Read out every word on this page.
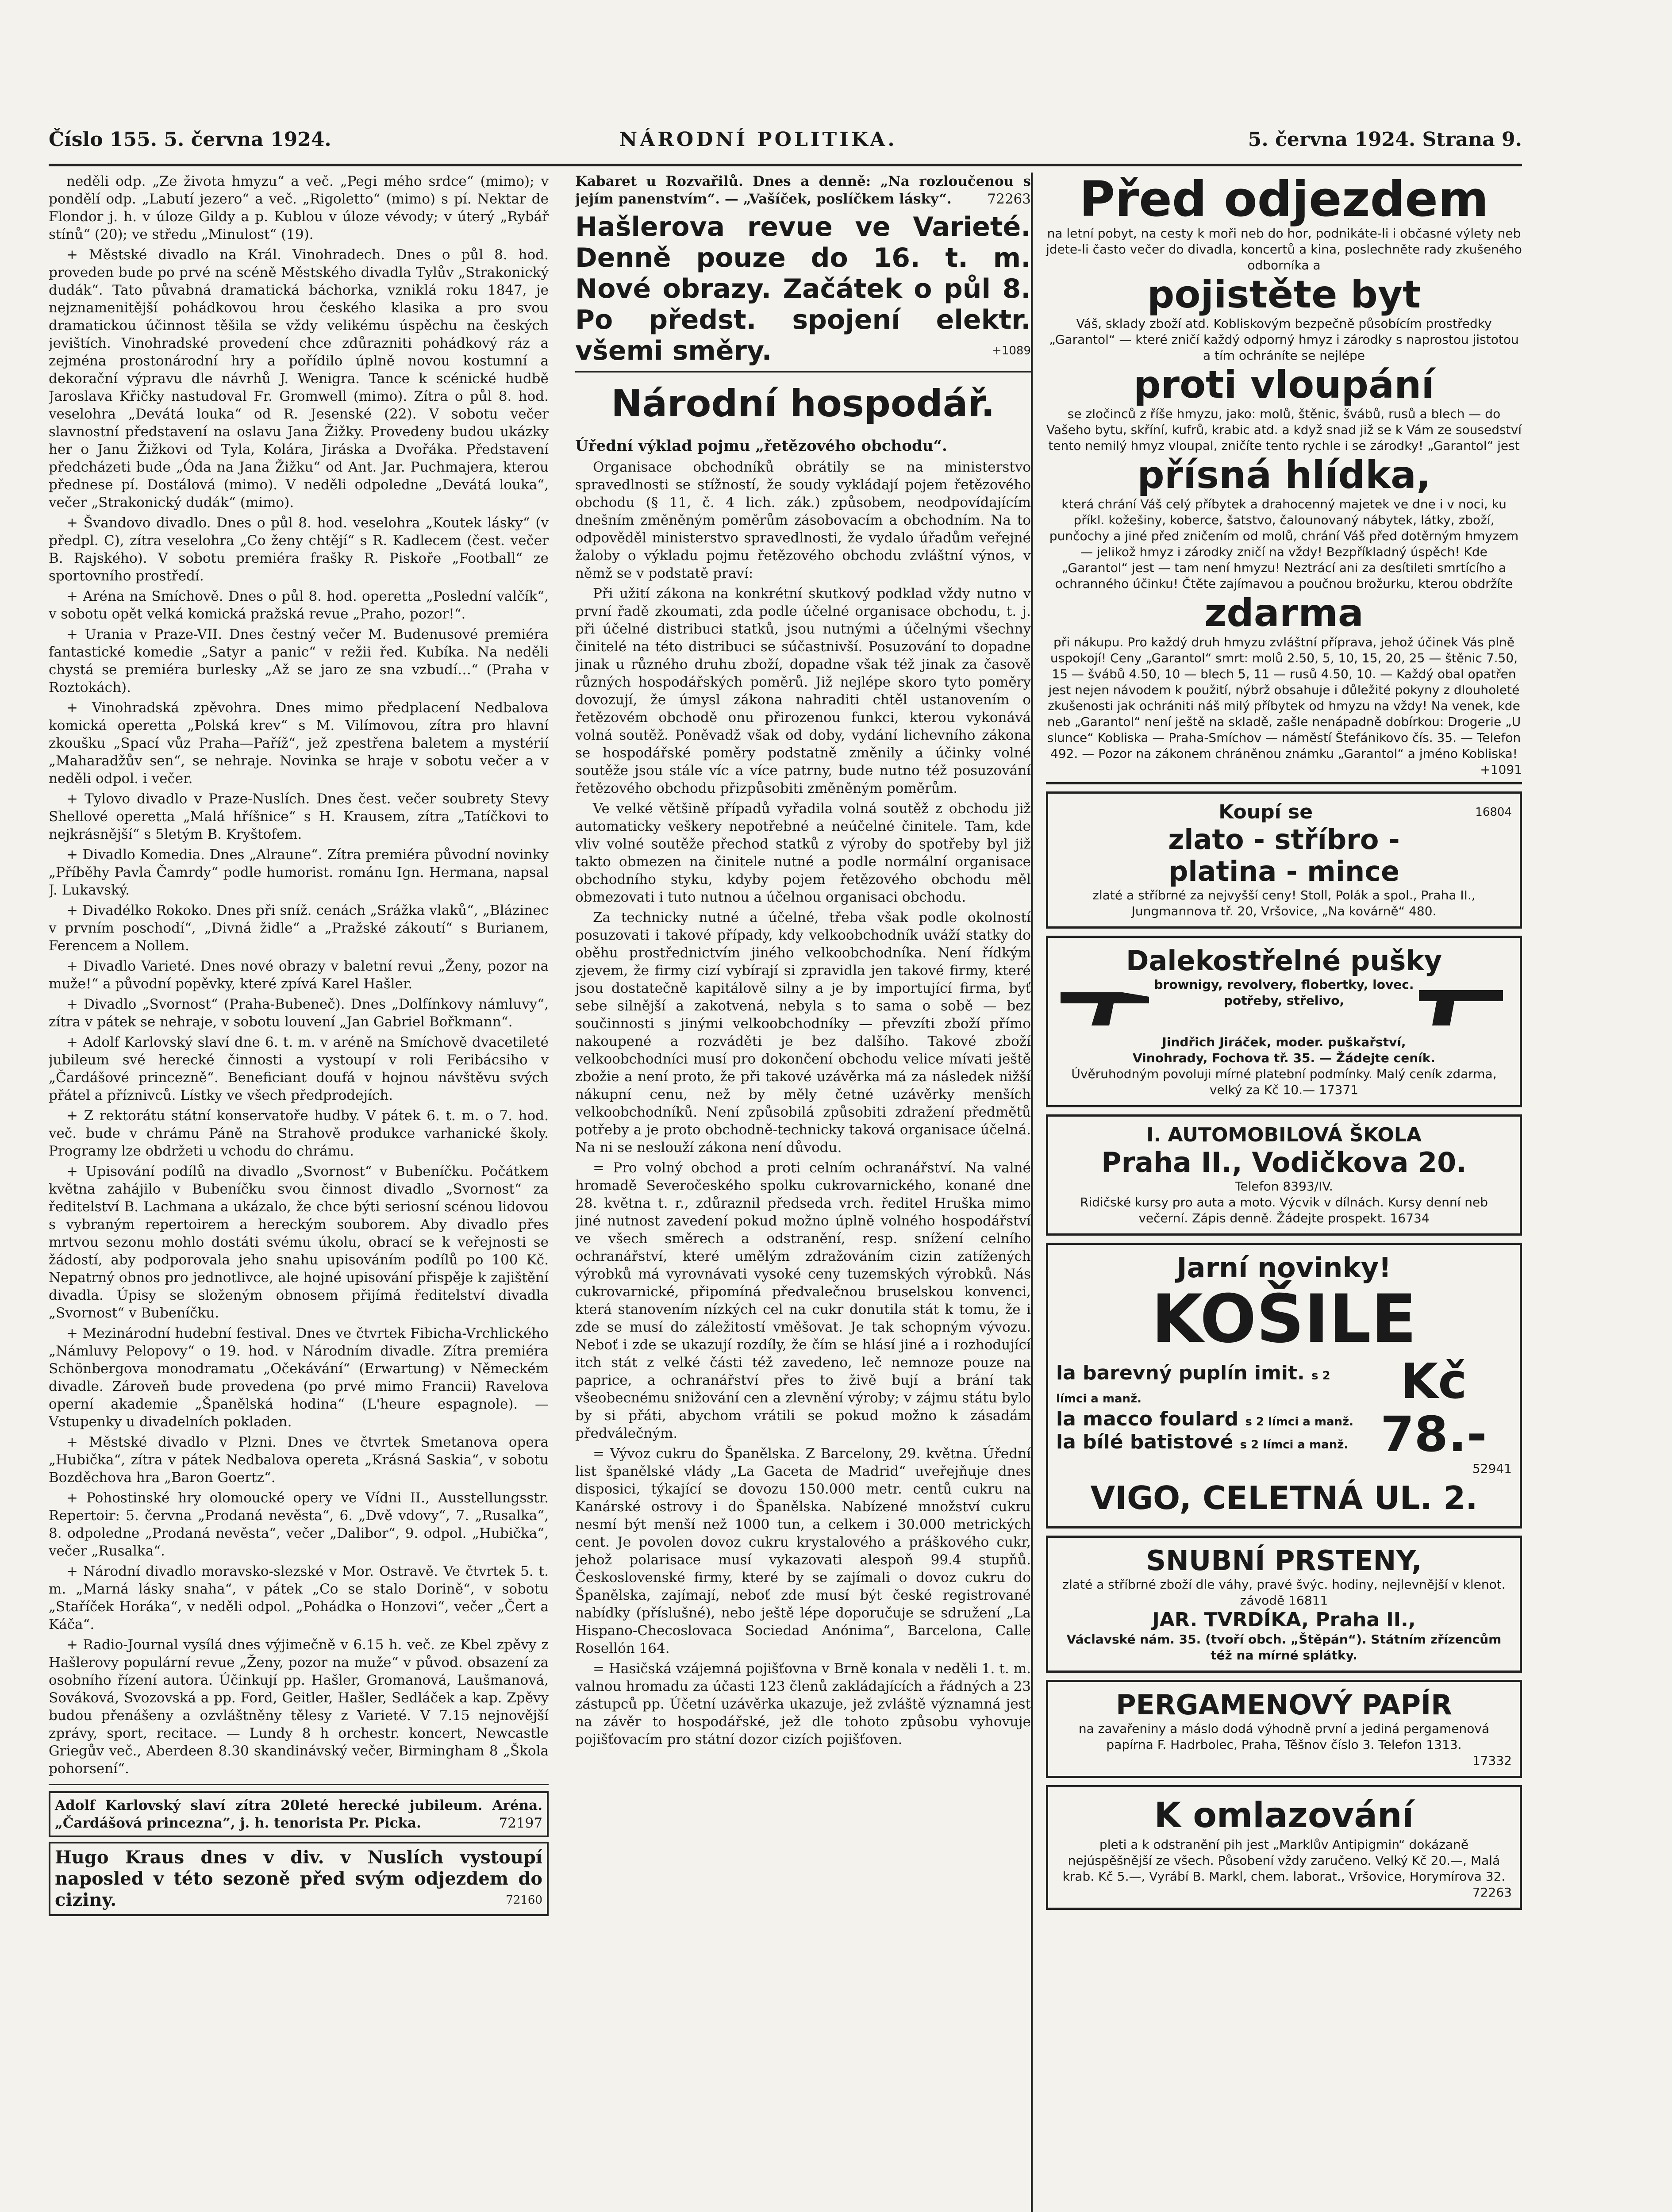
Číslo 155. 5. června 1924.	NÁRODNÍ POLITIKA.	5. června 1924. Strana 9.

neděli odp. „Ze života hmyzu“ a več. „Pegi mého srdce“ (mimo); v pondělí odp. „Labutí jezero“ a več. „Rigoletto“ (mimo) s pí. Nektar de Flondor j. h. v úloze Gildy a p. Kublou v úloze vévody; v úterý „Rybář stínů“ (20); ve středu „Minulost“ (19).

+ Městské divadlo na Král. Vinohradech. Dnes o půl 8. hod. proveden bude po prvé na scéně Městského divadla Tylův „Strakonický dudák“. Tato půvabná dramatická báchorka, vzniklá roku 1847, je nejznamenitější pohádkovou hrou českého klasika a pro svou dramatickou účinnost těšila se vždy velikému úspěchu na českých jevištích. Vinohradské provedení chce zdůrazniti pohádkový ráz a zejména prostonárodní hry a pořídilo úplně novou kostumní a dekorační výpravu dle návrhů J. Wenigra. Tance k scénické hudbě Jaroslava Křičky nastudoval Fr. Gromwell (mimo). Zítra o půl 8. hod. veselohra „Devátá louka“ od R. Jesenské (22). V sobotu večer slavnostní představení na oslavu Jana Žižky. Provedeny budou ukázky her o Janu Žižkovi od Tyla, Kolára, Jiráska a Dvořáka. Představení předcházeti bude „Óda na Jana Žižku“ od Ant. Jar. Puchmajera, kterou přednese pí. Dostálová (mimo). V neděli odpoledne „Devátá louka“, večer „Strakonický dudák“ (mimo).

+ Švandovo divadlo. Dnes o půl 8. hod. veselohra „Koutek lásky“ (v předpl. C), zítra veselohra „Co ženy chtějí“ s R. Kadlecem (čest. večer B. Rajského). V sobotu premiéra frašky R. Piskoře „Football“ ze sportovního prostředí.

+ Aréna na Smíchově. Dnes o půl 8. hod. operetta „Poslední valčík“, v sobotu opět velká komická pražská revue „Praho, pozor!“.

+ Urania v Praze-VII. Dnes čestný večer M. Budenusové premiéra fantastické komedie „Satyr a panic“ v režii řed. Kubíka. Na neděli chystá se premiéra burlesky „Až se jaro ze sna vzbudí…“ (Praha v Roztokách).

+ Vinohradská zpěvohra. Dnes mimo předplacení Nedbalova komická operetta „Polská krev“ s M. Vilímovou, zítra pro hlavní zkoušku „Spací vůz Praha—Paříž“, jež zpestřena baletem a mystérií „Maharadžův sen“, se nehraje. Novinka se hraje v sobotu večer a v neděli odpol. i večer.

+ Tylovo divadlo v Praze-Nuslích. Dnes čest. večer soubrety Stevy Shellové operetta „Malá hříšnice“ s H. Krausem, zítra „Tatíčkovi to nejkrásnější“ s 5letým B. Kryštofem.

+ Divadlo Komedia. Dnes „Alraune“. Zítra premiéra původní novinky „Příběhy Pavla Čamrdy“ podle humorist. románu Ign. Hermana, napsal J. Lukavský.

+ Divadélko Rokoko. Dnes při sníž. cenách „Srážka vlaků“, „Blázinec v prvním poschodí“, „Divná židle“ a „Pražské zákoutí“ s Burianem, Ferencem a Nollem.

+ Divadlo Varieté. Dnes nové obrazy v baletní revui „Ženy, pozor na muže!“ a původní popěvky, které zpívá Karel Hašler.

+ Divadlo „Svornost“ (Praha-Bubeneč). Dnes „Dolfínkovy námluvy“, zítra v pátek se nehraje, v sobotu louvení „Jan Gabriel Bořkmann“.

+ Adolf Karlovský slaví dne 6. t. m. v aréně na Smíchově dvacetileté jubileum své herecké činnosti a vystoupí v roli Feribácsiho v „Čardášové princezně“. Beneficiant doufá v hojnou návštěvu svých přátel a příznivců. Lístky ve všech předprodejích.

+ Z rektorátu státní konservatoře hudby. V pátek 6. t. m. o 7. hod. več. bude v chrámu Páně na Strahově produkce varhanické školy. Programy lze obdržeti u vchodu do chrámu.

+ Upisování podílů na divadlo „Svornost“ v Bubeníčku. Počátkem května zahájilo v Bubeníčku svou činnost divadlo „Svornost“ za ředitelství B. Lachmana a ukázalo, že chce býti seriosní scénou lidovou s vybraným repertoirem a hereckým souborem. Aby divadlo přes mrtvou sezonu mohlo dostáti svému úkolu, obrací se k veřejnosti se žádostí, aby podporovala jeho snahu upisováním podílů po 100 Kč. Nepatrný obnos pro jednotlivce, ale hojné upisování přispěje k zajištění divadla. Úpisy se složeným obnosem přijímá ředitelství divadla „Svornost“ v Bubeníčku.

+ Mezinárodní hudební festival. Dnes ve čtvrtek Fibicha-Vrchlického „Námluvy Pelopovy“ o 19. hod. v Národním divadle. Zítra premiéra Schönbergova monodramatu „Očekávání“ (Erwartung) v Německém divadle. Zároveň bude provedena (po prvé mimo Francii) Ravelova operní akademie „Španělská hodina“ (L'heure espagnole). — Vstupenky u divadelních pokladen.

+ Městské divadlo v Plzni. Dnes ve čtvrtek Smetanova opera „Hubička“, zítra v pátek Nedbalova opereta „Krásná Saskia“, v sobotu Bozděchova hra „Baron Goertz“.

+ Pohostinské hry olomoucké opery ve Vídni II., Ausstellungsstr. Repertoir: 5. června „Prodaná nevěsta“, 6. „Dvě vdovy“, 7. „Rusalka“, 8. odpoledne „Prodaná nevěsta“, večer „Dalibor“, 9. odpol. „Hubička“, večer „Rusalka“.

+ Národní divadlo moravsko-slezské v Mor. Ostravě. Ve čtvrtek 5. t. m. „Marná lásky snaha“, v pátek „Co se stalo Dorině“, v sobotu „Staříček Horáka“, v neděli odpol. „Pohádka o Honzovi“, večer „Čert a Káča“.

+ Radio-Journal vysílá dnes výjimečně v 6.15 h. več. ze Kbel zpěvy z Hašlerovy populární revue „Ženy, pozor na muže“ v původ. obsazení za osobního řízení autora. Účinkují pp. Hašler, Gromanová, Laušmanová, Sováková, Svozovská a pp. Ford, Geitler, Hašler, Sedláček a kap. Zpěvy budou přenášeny a ozvláštněny tělesy z Varieté. V 7.15 nejnovější zprávy, sport, recitace. — Lundy 8 h orchestr. koncert, Newcastle Griegův več., Aberdeen 8.30 skandinávský večer, Birmingham 8 „Škola pohorsení“.

Adolf Karlovský slaví zítra 20leté herecké jubileum. Aréna. „Čardášová princezna“, j. h. tenorista Pr. Picka.	72197
Hugo Kraus dnes v div. v Nuslích vystoupí naposled v této sezoně před svým odjezdem do ciziny.	72160
Kabaret u Rozvařilů. Dnes a denně: „Na rozloučenou s jejím panenstvím“. — „Vašíček, poslíčkem lásky“.	72263
Hašlerova revue ve Varieté. Denně pouze do 16. t. m. Nové obrazy. Začátek o půl 8. Po předst. spojení elektr. všemi směry.	+1089
Národní hospodář.
Úřední výklad pojmu „řetězového obchodu“.

Organisace obchodníků obrátily se na ministerstvo spravedlnosti se stížností, že soudy vykládají pojem řetězového obchodu (§ 11, č. 4 lich. zák.) způsobem, neodpovídajícím dnešním změněným poměrům zásobovacím a obchodním. Na to odpověděl ministerstvo spravedlnosti, že vydalo úřadům veřejné žaloby o výkladu pojmu řetězového obchodu zvláštní výnos, v němž se v podstatě praví:

Při užití zákona na konkrétní skutkový podklad vždy nutno v první řadě zkoumati, zda podle účelné organisace obchodu, t. j. při účelné distribuci statků, jsou nutnými a účelnými všechny činitelé na této distribuci se súčastnivší. Posuzování to dopadne jinak u různého druhu zboží, dopadne však též jinak za časově různých hospodářských poměrů. Již nejlépe skoro tyto poměry dovozují, že úmysl zákona nahraditi chtěl ustanovením o řetězovém obchodě onu přirozenou funkci, kterou vykonává volná soutěž. Poněvadž však od doby, vydání lichevního zákona se hospodářské poměry podstatně změnily a účinky volné soutěže jsou stále víc a více patrny, bude nutno též posuzování řetězového obchodu přizpůsobiti změněným poměrům.

Ve velké většině případů vyřadila volná soutěž z obchodu již automaticky veškery nepotřebné a neúčelné činitele. Tam, kde vliv volné soutěže přechod statků z výroby do spotřeby byl již takto obmezen na činitele nutné a podle normální organisace obchodního styku, kdyby pojem řetězového obchodu měl obmezovati i tuto nutnou a účelnou organisaci obchodu.

Za technicky nutné a účelné, třeba však podle okolností posuzovati i takové případy, kdy velkoobchodník uváží statky do oběhu prostřednictvím jiného velkoobchodníka. Není řídkým zjevem, že firmy cizí vybírají si zpravidla jen takové firmy, které jsou dostatečně kapitálově silny a je by importující firma, byť sebe silnější a zakotvená, nebyla s to sama o sobě — bez součinnosti s jinými velkoobchodníky — převzíti zboží přímo nakoupené a rozváděti je bez dalšího. Takové zboží velkoobchodníci musí pro dokončení obchodu velice mívati ještě zbožie a není proto, že při takové uzávěrka má za následek nižší nákupní cenu, než by měly četné uzávěrky menších velkoobchodníků. Není způsobilá způsobiti zdražení předmětů potřeby a je proto obchodně-technicky taková organisace účelná. Na ni se neslouží zákona není důvodu.

= Pro volný obchod a proti celním ochranářství. Na valné hromadě Severočeského spolku cukrovarnického, konané dne 28. května t. r., zdůraznil předseda vrch. ředitel Hruška mimo jiné nutnost zavedení pokud možno úplně volného hospodářství ve všech směrech a odstranění, resp. snížení celního ochranářství, které umělým zdražováním cizin zatížených výrobků má vyrovnávati vysoké ceny tuzemských výrobků. Nás cukrovarnické, připomíná předvalečnou bruselskou konvenci, která stanovením nízkých cel na cukr donutila stát k tomu, že i zde se musí do záležitostí vměšovat. Je tak schopným vývozu. Neboť i zde se ukazují rozdíly, že čím se hlásí jiné a i rozhodující itch stát z velké části též zavedeno, leč nemnoze pouze na paprice, a ochranářství přes to živě bují a brání tak všeobecnému snižování cen a zlevnění výroby; v zájmu státu bylo by si přáti, abychom vrátili se pokud možno k zásadám předválečným.

= Vývoz cukru do Španělska. Z Barcelony, 29. května. Úřední list španělské vlády „La Gaceta de Madrid“ uveřejňuje dnes disposici, týkající se dovozu 150.000 metr. centů cukru na Kanárské ostrovy i do Španělska. Nabízené množství cukru nesmí být menší než 1000 tun, a celkem i 30.000 metrických cent. Je povolen dovoz cukru krystalového a práškového cukr, jehož polarisace musí vykazovati alespoň 99.4 stupňů. Československé firmy, které by se zajímali o dovoz cukru do Španělska, zajímají, neboť zde musí být české registrované nabídky (příslušné), nebo ještě lépe doporučuje se sdružení „La Hispano-Checoslovaca Sociedad Anónima“, Barcelona, Calle Rosellón 164.

= Hasičská vzájemná pojišťovna v Brně konala v neděli 1. t. m. valnou hromadu za účasti 123 členů zakládajících a řádných a 23 zástupců pp. Účetní uzávěrka ukazuje, jež zvláště významná jest na závěr to hospodářské, jež dle tohoto způsobu vyhovuje pojišťovacím pro státní dozor cizích pojišťoven.

Před odjezdem
na letní pobyt, na cesty k moři neb do hor, podnikáte-li i občasné výlety neb jdete-li často večer do divadla, koncertů a kina, poslechněte rady zkušeného odborníka a
pojistěte byt
Váš, sklady zboží atd. Kobliskovým bezpečně působícím prostředky „Garantol“ — které zničí každý odporný hmyz i zárodky s naprostou jistotou a tím ochráníte se nejlépe
proti vloupání
se zločinců z říše hmyzu, jako: molů, štěnic, švábů, rusů a blech — do Vašeho bytu, skříní, kufrů, krabic atd. a když snad již se k Vám ze sousedství tento nemilý hmyz vloupal, zničíte tento rychle i se zárodky! „Garantol“ jest
přísná hlídka,
která chrání Váš celý příbytek a drahocenný majetek ve dne i v noci, ku příkl. kožešiny, koberce, šatstvo, čalounovaný nábytek, látky, zboží, punčochy a jiné před zničením od molů, chrání Váš před dotěrným hmyzem — jelikož hmyz i zárodky zničí na vždy! Bezpříkladný úspěch! Kde „Garantol“ jest — tam není hmyzu! Neztrácí ani za desítileti smrtícího a ochranného účinku! Čtěte zajímavou a poučnou brožurku, kterou obdržíte
zdarma
při nákupu. Pro každý druh hmyzu zvláštní příprava, jehož účinek Vás plně uspokojí! Ceny „Garantol“ smrt: molů 2.50, 5, 10, 15, 20, 25 — štěnic 7.50, 15 — švábů 4.50, 10 — blech 5, 11 — rusů 4.50, 10. — Každý obal opatřen jest nejen návodem k použití, nýbrž obsahuje i důležité pokyny z dlouholeté zkušenosti jak ochrániti náš milý příbytek od hmyzu na vždy! Na venek, kde neb „Garantol“ není ještě na skladě, zašle nenápadně dobírkou: Drogerie „U slunce“ Kobliska — Praha-Smíchov — náměstí Štefánikovo čís. 35. — Telefon 492. — Pozor na zákonem chráněnou známku „Garantol“ a jméno Kobliska!
+1091
Koupí se	16804
zlato - stříbro -
platina - mince
zlaté a stříbrné za nejvyšší ceny! Stoll, Polák a spol., Praha II., Jungmannova tř. 20, Vršovice, „Na kovárně“ 480.
Dalekostřelné pušky
brownigy, revolvery, flobertky, lovec. potřeby, střelivo,
Jindřich Jiráček, moder. puškařství,
Vinohrady, Fochova tř. 35. — Žádejte ceník.
Úvěruhodným povoluji mírné platební podmínky. Malý ceník zdarma, velký za Kč 10.— 17371
I. AUTOMOBILOVÁ ŠKOLA
Praha II., Vodičkova 20.
Telefon 8393/IV.
Ridičské kursy pro auta a moto. Výcvik v dílnách. Kursy denní neb večerní. Zápis denně. Žádejte prospekt. 16734
Jarní novinky!
KOŠILE
la barevný puplín imit. s 2 límci a manž.
la macco foulard s 2 límci a manž.
la bílé batistové s 2 límci a manž.
Kč 78.-
52941
VIGO, CELETNÁ UL. 2.
SNUBNÍ PRSTENY,
zlaté a stříbrné zboží dle váhy, pravé švýc. hodiny, nejlevnější v klenot. závodě 16811
JAR. TVRDÍKA, Praha II.,
Václavské nám. 35. (tvoří obch. „Štěpán“). Státním zřízencům též na mírné splátky.
PERGAMENOVÝ PAPÍR
na zavařeniny a máslo dodá výhodně první a jediná pergamenová papírna F. Hadrbolec, Praha, Těšnov číslo 3. Telefon 1313.
17332
K omlazování
pleti a k odstranění pih jest „Marklův Antipigmin“ dokázaně nejúspěšnější ze všech. Působení vždy zaručeno. Velký Kč 20.—, Malá krab. Kč 5.—, Vyrábí B. Markl, chem. laborat., Vršovice, Horymírova 32.
72263
